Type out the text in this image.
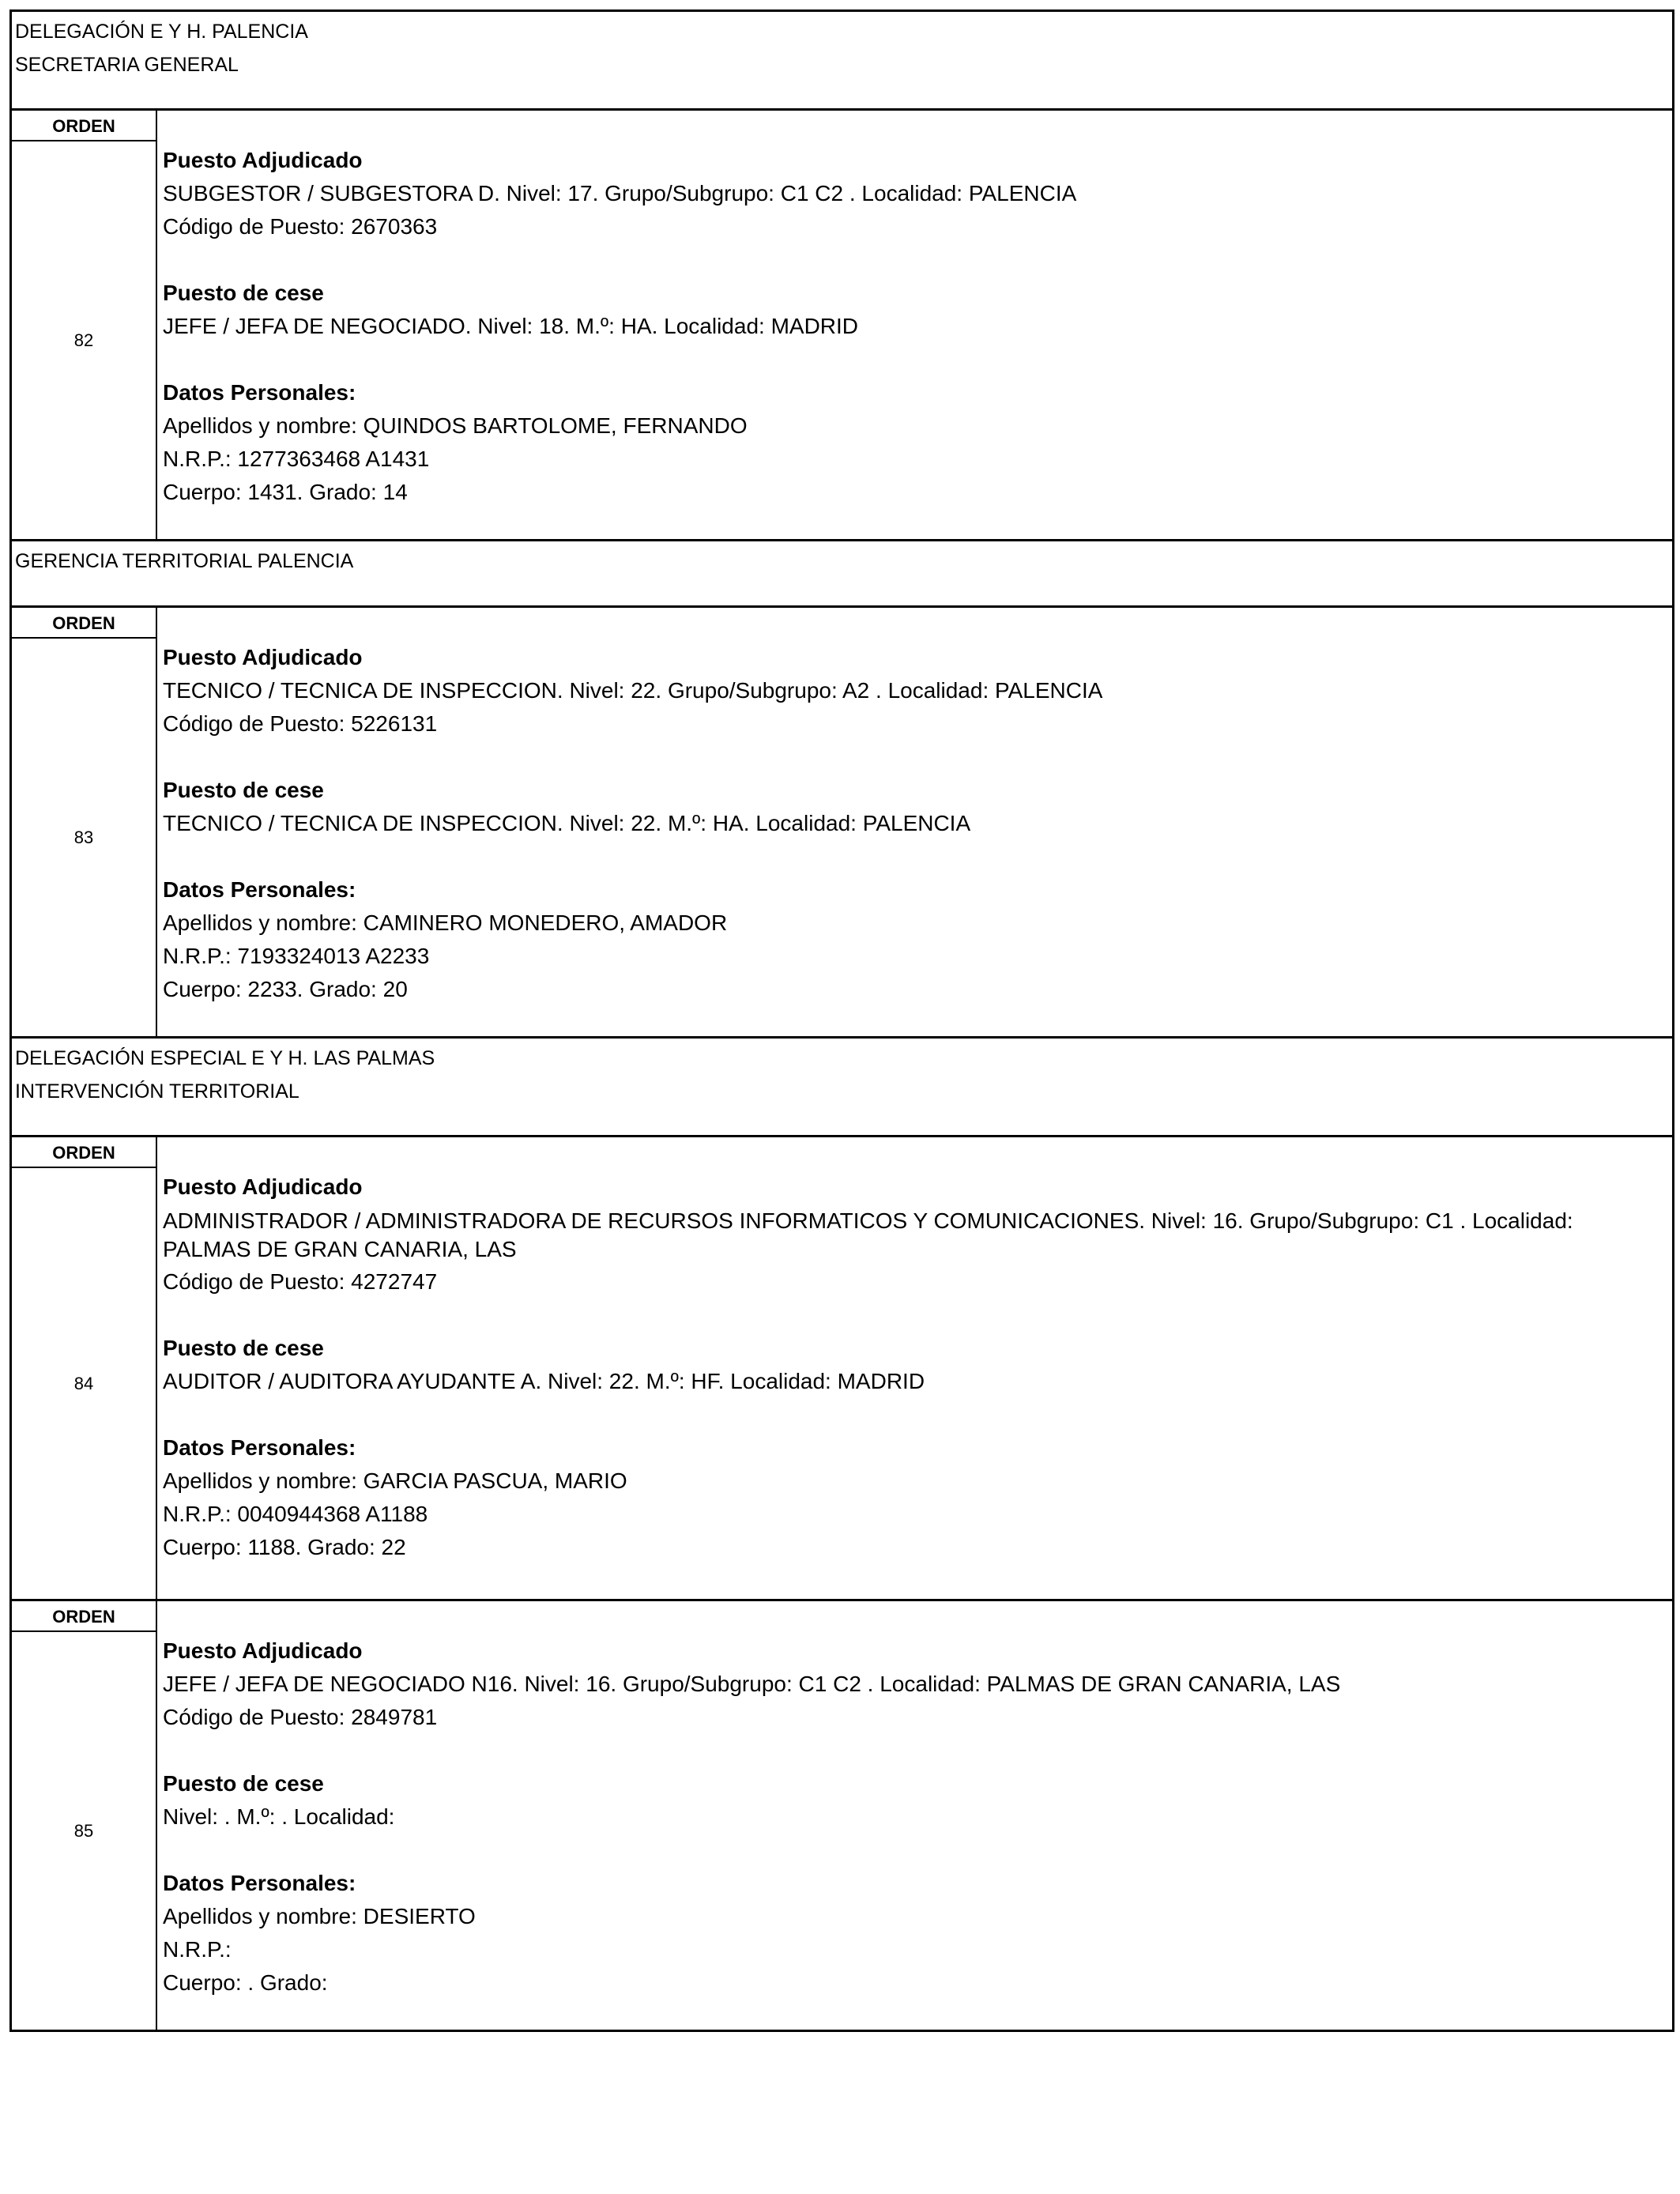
DELEGACIÓN E Y H. PALENCIA
SECRETARIA GENERAL
ORDEN
82
Puesto Adjudicado
SUBGESTOR / SUBGESTORA D. Nivel: 17. Grupo/Subgrupo: C1 C2 . Localidad: PALENCIA
Código de Puesto: 2670363
Puesto de cese
JEFE / JEFA DE NEGOCIADO. Nivel: 18. M.º: HA. Localidad: MADRID
Datos Personales:
Apellidos y nombre: QUINDOS BARTOLOME, FERNANDO
N.R.P.: 1277363468 A1431
Cuerpo: 1431. Grado: 14
GERENCIA TERRITORIAL PALENCIA
ORDEN
83
Puesto Adjudicado
TECNICO / TECNICA DE INSPECCION. Nivel: 22. Grupo/Subgrupo: A2 . Localidad: PALENCIA
Código de Puesto: 5226131
Puesto de cese
TECNICO / TECNICA DE INSPECCION. Nivel: 22. M.º: HA. Localidad: PALENCIA
Datos Personales:
Apellidos y nombre: CAMINERO MONEDERO, AMADOR
N.R.P.: 7193324013 A2233
Cuerpo: 2233. Grado: 20
DELEGACIÓN ESPECIAL E Y H. LAS PALMAS
INTERVENCIÓN TERRITORIAL
ORDEN
84
Puesto Adjudicado
ADMINISTRADOR / ADMINISTRADORA DE RECURSOS INFORMATICOS Y COMUNICACIONES. Nivel: 16. Grupo/Subgrupo: C1 . Localidad: PALMAS DE GRAN CANARIA, LAS
Código de Puesto: 4272747
Puesto de cese
AUDITOR / AUDITORA AYUDANTE A. Nivel: 22. M.º: HF. Localidad: MADRID
Datos Personales:
Apellidos y nombre: GARCIA PASCUA, MARIO
N.R.P.: 0040944368 A1188
Cuerpo: 1188. Grado: 22
ORDEN
85
Puesto Adjudicado
JEFE / JEFA DE NEGOCIADO N16. Nivel: 16. Grupo/Subgrupo: C1 C2 . Localidad: PALMAS DE GRAN CANARIA, LAS
Código de Puesto: 2849781
Puesto de cese
Nivel: . M.º: . Localidad:
Datos Personales:
Apellidos y nombre: DESIERTO
N.R.P.:
Cuerpo: . Grado:
